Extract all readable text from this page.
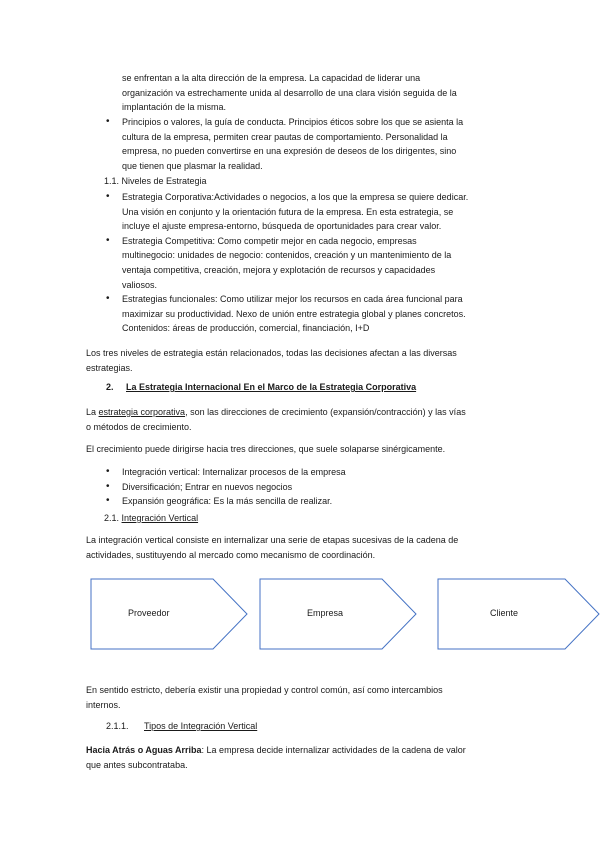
se enfrentan a la alta dirección de la empresa. La capacidad de liderar una

organización va estrechamente unida al desarrollo de una clara visión seguida de la

implantación de la misma.

• Principios o valores, la guía de conducta. Principios éticos sobre los que se asienta la

cultura de la empresa, permiten crear pautas de comportamiento. Personalidad la

empresa, no pueden convertirse en una expresión de deseos de los dirigentes, sino

que tienen que plasmar la realidad.

1.1. Niveles de Estrategia

• Estrategia Corporativa:Actividades o negocios, a los que la empresa se quiere dedicar.

Una visión en conjunto y la orientación futura de la empresa. En esta estrategia, se

incluye el ajuste empresa-entorno, búsqueda de oportunidades para crear valor.

• Estrategia Competitiva: Como competir mejor en cada negocio, empresas

multinegocio: unidades de negocio: contenidos, creación y un mantenimiento de la

ventaja competitiva, creación, mejora y explotación de recursos y capacidades

valiosos.

• Estrategias funcionales: Como utilizar mejor los recursos en cada área funcional para

maximizar su productividad. Nexo de unión entre estrategia global y planes concretos.

Contenidos: áreas de producción, comercial, financiación, I+D

Los tres niveles de estrategia están relacionados, todas las decisiones afectan a las diversas

estrategias.

2. La Estrategia Internacional En el Marco de la Estrategia Corporativa

La estrategia corporativa, son las direcciones de crecimiento (expansión/contracción) y las vías

o métodos de crecimiento.

El crecimiento puede dirigirse hacia tres direcciones, que suele solaparse sinérgicamente.

• Integración vertical: Internalizar procesos de la empresa
• Diversificación; Entrar en nuevos negocios
• Expansión geográfica: Es la más sencilla de realizar.

2.1. Integración Vertical

La integración vertical consiste en internalizar una serie de etapas sucesivas de la cadena de

actividades, sustituyendo al mercado como mecanismo de coordinación.

Proveedor	Empresa	Cliente

En sentido estricto, debería existir una propiedad y control común, así como intercambios

internos.

2.1.1. Tipos de Integración Vertical

Hacia Atrás o Aguas Arriba: La empresa decide internalizar actividades de la cadena de valor

que antes subcontrataba.
